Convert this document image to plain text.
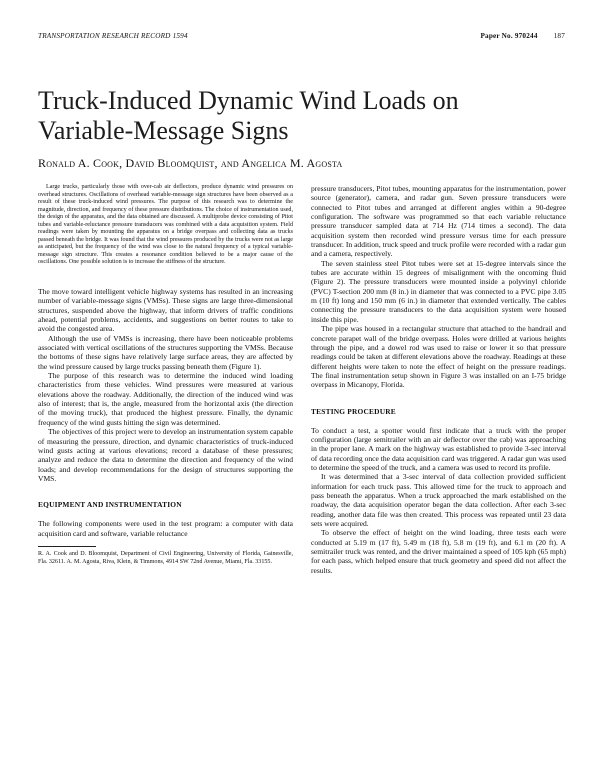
TRANSPORTATION RESEARCH RECORD 1594	Paper No. 970244 187
Truck-Induced Dynamic Wind Loads on Variable-Message Signs
Ronald A. Cook, David Bloomquist, and Angelica M. Agosta

Large trucks, particularly those with over-cab air deflectors, produce dynamic wind pressures on overhead structures. Oscillations of overhead variable-message sign structures have been observed as a result of these truck-induced wind pressures. The purpose of this research was to determine the magnitude, direction, and frequency of these pressure distributions. The choice of instrumentation used, the design of the apparatus, and the data obtained are discussed. A multiprobe device consisting of Pitot tubes and variable-reluctance pressure transducers was combined with a data acquisition system. Field readings were taken by mounting the apparatus on a bridge overpass and collecting data as trucks passed beneath the bridge. It was found that the wind pressures produced by the trucks were not as large as anticipated, but the frequency of the wind was close to the natural frequency of a typical variable-message sign structure. This creates a resonance condition believed to be a major cause of the oscillations. One possible solution is to increase the stiffness of the structure.

The move toward intelligent vehicle highway systems has resulted in an increasing number of variable-message signs (VMSs). These signs are large three-dimensional structures, suspended above the highway, that inform drivers of traffic conditions ahead, potential problems, accidents, and suggestions on better routes to take to avoid the congested area.

Although the use of VMSs is increasing, there have been noticeable problems associated with vertical oscillations of the structures supporting the VMSs. Because the bottoms of these signs have relatively large surface areas, they are affected by the wind pressure caused by large trucks passing beneath them (Figure 1).

The purpose of this research was to determine the induced wind loading characteristics from these vehicles. Wind pressures were measured at various elevations above the roadway. Additionally, the direction of the induced wind was also of interest; that is, the angle, measured from the horizontal axis (the direction of the moving truck), that produced the highest pressure. Finally, the dynamic frequency of the wind gusts hitting the sign was determined.

The objectives of this project were to develop an instrumentation system capable of measuring the pressure, direction, and dynamic characteristics of truck-induced wind gusts acting at various elevations; record a database of these pressures; analyze and reduce the data to determine the direction and frequency of the wind loads; and develop recommendations for the design of structures supporting the VMS.

EQUIPMENT AND INSTRUMENTATION

The following components were used in the test program: a computer with data acquisition card and software, variable reluctance

R. A. Cook and D. Bloomquist, Department of Civil Engineering, University of Florida, Gainesville, Fla. 32611. A. M. Agosta, Riva, Klein, & Timmons, 4914 SW 72nd Avenue, Miami, Fla. 33155.

pressure transducers, Pitot tubes, mounting apparatus for the instrumentation, power source (generator), camera, and radar gun. Seven pressure transducers were connected to Pitot tubes and arranged at different angles within a 90-degree configuration. The software was programmed so that each variable reluctance pressure transducer sampled data at 714 Hz (714 times a second). The data acquisition system then recorded wind pressure versus time for each pressure transducer. In addition, truck speed and truck profile were recorded with a radar gun and a camera, respectively.

The seven stainless steel Pitot tubes were set at 15-degree intervals since the tubes are accurate within 15 degrees of misalignment with the oncoming fluid (Figure 2). The pressure transducers were mounted inside a polyvinyl chloride (PVC) T-section 200 mm (8 in.) in diameter that was connected to a PVC pipe 3.05 m (10 ft) long and 150 mm (6 in.) in diameter that extended vertically. The cables connecting the pressure transducers to the data acquisition system were housed inside this pipe.

The pipe was housed in a rectangular structure that attached to the handrail and concrete parapet wall of the bridge overpass. Holes were drilled at various heights through the pipe, and a dowel rod was used to raise or lower it so that pressure readings could be taken at different elevations above the roadway. Readings at these different heights were taken to note the effect of height on the pressure readings. The final instrumentation setup shown in Figure 3 was installed on an I-75 bridge overpass in Micanopy, Florida.

TESTING PROCEDURE

To conduct a test, a spotter would first indicate that a truck with the proper configuration (large semitrailer with an air deflector over the cab) was approaching in the proper lane. A mark on the highway was established to provide 3-sec interval of data recording once the data acquisition card was triggered. A radar gun was used to determine the speed of the truck, and a camera was used to record its profile.

It was determined that a 3-sec interval of data collection provided sufficient information for each truck pass. This allowed time for the truck to approach and pass beneath the apparatus. When a truck approached the mark established on the roadway, the data acquisition operator began the data collection. After each 3-sec reading, another data file was then created. This process was repeated until 23 data sets were acquired.

To observe the effect of height on the wind loading, three tests each were conducted at 5.19 m (17 ft), 5.49 m (18 ft), 5.8 m (19 ft), and 6.1 m (20 ft). A semitrailer truck was rented, and the driver maintained a speed of 105 kph (65 mph) for each pass, which helped ensure that truck geometry and speed did not affect the results.
